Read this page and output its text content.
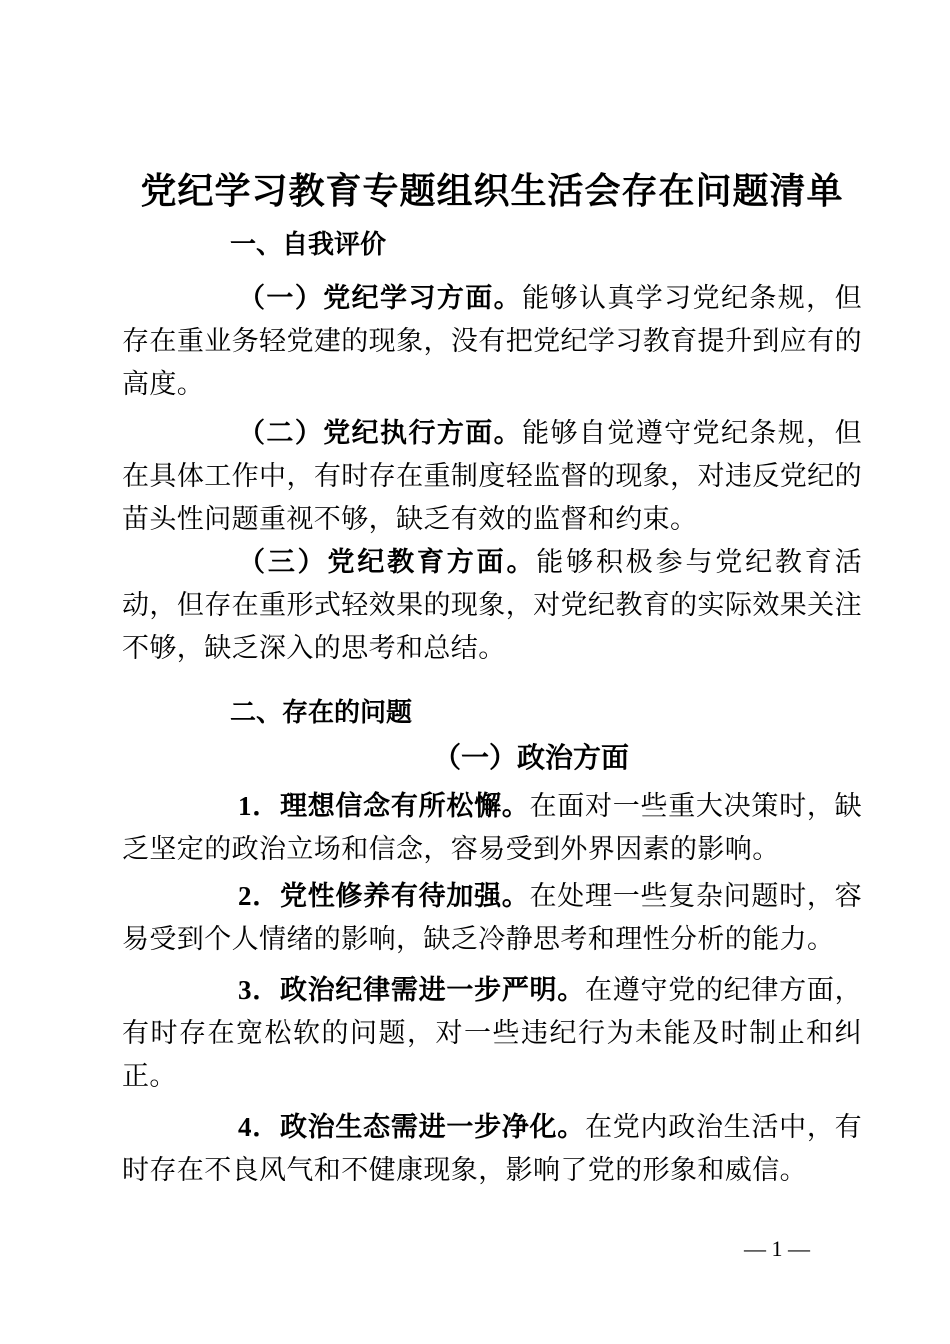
党纪学习教育专题组织生活会存在问题清单
一、自我评价

（一）党纪学习方面。能够认真学习党纪条规，但存在重业务轻党建的现象，没有把党纪学习教育提升到应有的高度。

（二）党纪执行方面。能够自觉遵守党纪条规，但在具体工作中，有时存在重制度轻监督的现象，对违反党纪的苗头性问题重视不够，缺乏有效的监督和约束。

（三）党纪教育方面。能够积极参与党纪教育活动，但存在重形式轻效果的现象，对党纪教育的实际效果关注不够，缺乏深入的思考和总结。

二、存在的问题
（一）政治方面

1．理想信念有所松懈。在面对一些重大决策时，缺乏坚定的政治立场和信念，容易受到外界因素的影响。

2．党性修养有待加强。在处理一些复杂问题时，容易受到个人情绪的影响，缺乏冷静思考和理性分析的能力。

3．政治纪律需进一步严明。在遵守党的纪律方面，有时存在宽松软的问题，对一些违纪行为未能及时制止和纠正。

4．政治生态需进一步净化。在党内政治生活中，有时存在不良风气和不健康现象，影响了党的形象和威信。

— 1 —
